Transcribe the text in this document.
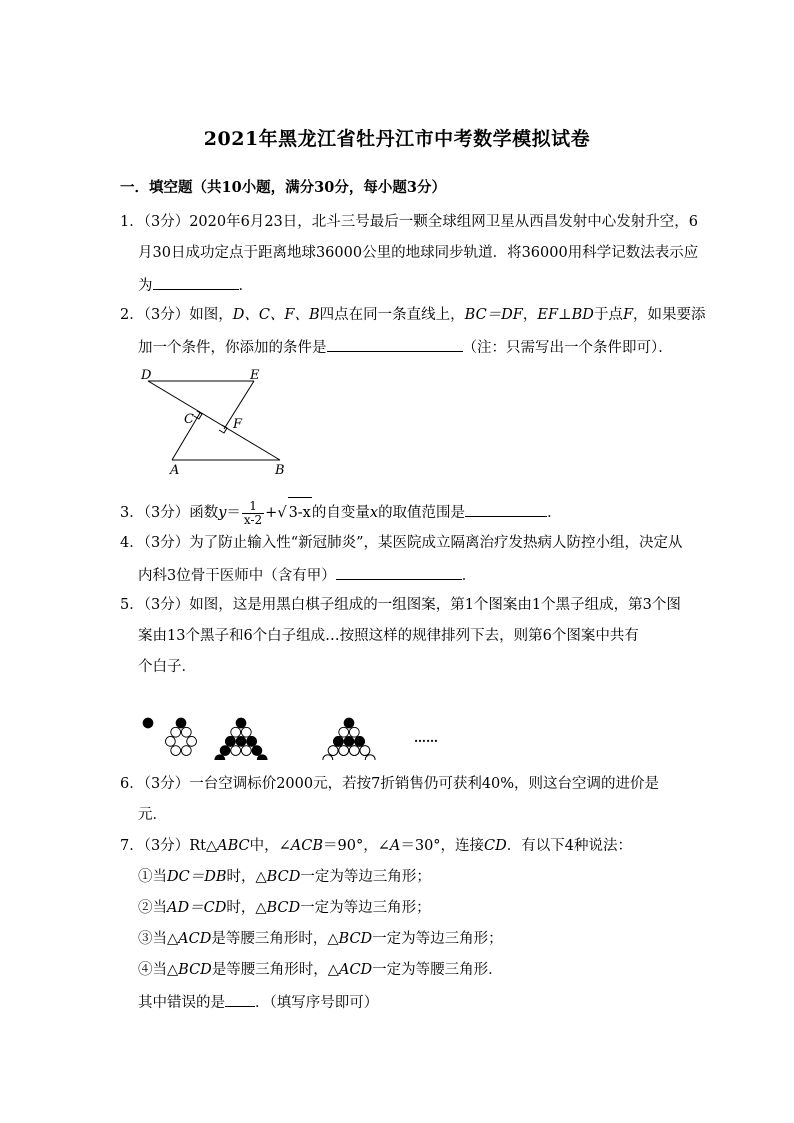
2021年黑龙江省牡丹江市中考数学模拟试卷
一．填空题（共10小题，满分30分，每小题3分）
1．（3分）2020年6月23日，北斗三号最后一颗全球组网卫星从西昌发射中心发射升空，6
月30日成功定点于距离地球36000公里的地球同步轨道．将36000用科学记数法表示应
为	．
2．（3分）如图，D、C、F、B四点在同一条直线上，BC＝DF，EF⊥BD于点F，如果要添
加一个条件，你添加的条件是	（注：只需写出一个条件即可）．
D	E
C	F
A	B
3．（3分）函数$y= \frac{1}{x-2}$ +√ 3-x的自变量x的取值范围是	．
4．（3分）为了防止输入性“新冠肺炎”，某医院成立隔离治疗发热病人防控小组，决定从
内科3位骨干医师中（含有甲）	．
5．（3分）如图，这是用黑白棋子组成的一组图案，第1个图案由1个黑子组成，第3个图
案由13个黑子和6个白子组成…按照这样的规律排列下去，则第6个图案中共有
个白子．
……
6．（3分）一台空调标价2000元，若按7折销售仍可获利40%，则这台空调的进价是
元．
7．（3分）Rt△ABC中，∠ACB＝90°，∠A＝30°，连接CD．有以下4种说法：
①当DC＝DB时，△BCD一定为等边三角形；
②当AD＝CD时，△BCD一定为等边三角形；
③当△ACD是等腰三角形时，△BCD一定为等边三角形；
④当△BCD是等腰三角形时，△ACD一定为等腰三角形．
其中错误的是 ．（填写序号即可）
